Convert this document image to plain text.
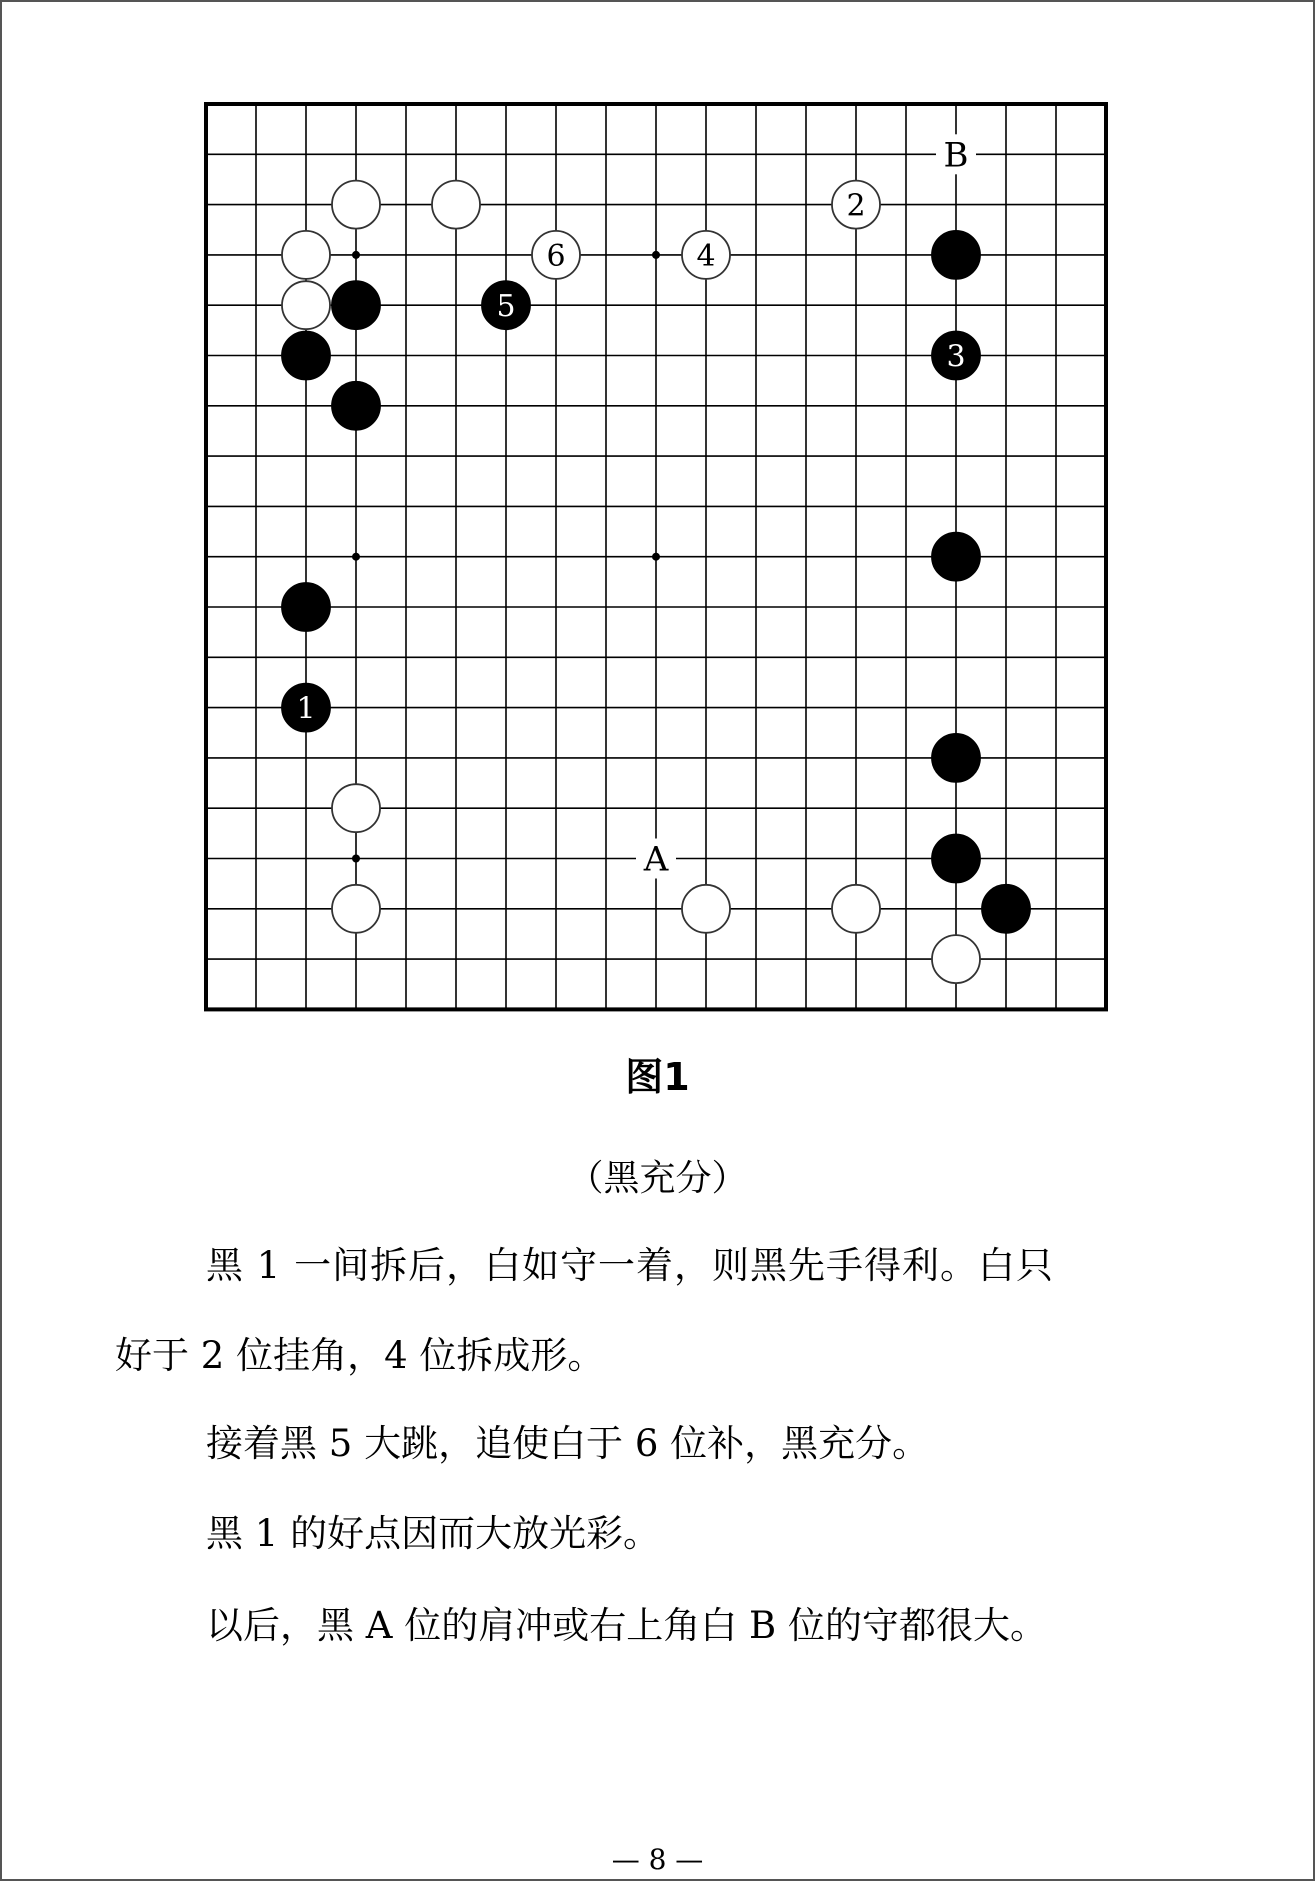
A
B
2
6	4
5
3
1
图1
（黑充分）
黑 1 一间拆后，白如守一着，则黑先手得利。白只
好于 2 位挂角，4 位拆成形。
接着黑 5 大跳，追使白于 6 位补，黑充分。
黑 1 的好点因而大放光彩。
以后，黑 A 位的肩冲或右上角白 B 位的守都很大。
— 8 —
